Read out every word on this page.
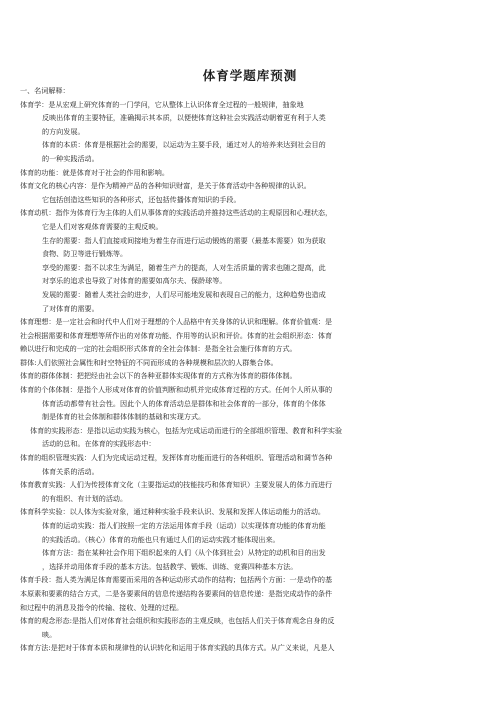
体育学题库预测

一、名词解释：

体育学：是从宏观上研究体育的一门学问，它从整体上认识体育全过程的一般规律，抽象地

反映出体育的主要特征，准确揭示其本质，以便使体育这种社会实践活动朝着更有利于人类

的方向发展。

体育的本质：体育是根据社会的需要，以运动为主要手段，通过对人的培养来达到社会目的

的一种实践活动。

体育的功能：就是体育对于社会的作用和影响。

体育文化的核心内容：是作为精神产品的各种知识财富，是关于体育活动中各种规律的认识。

它包括创造这些知识的各种形式，还包括传播体育知识的手段。

体育动机：指作为体育行为主体的人们从事体育的实践活动并推持这些活动的主观原因和心理状态，

它是人们对客观体育需要的主观反映。

生存的需要：指人们直接或间接地为着生存而进行运动锻炼的需要（最基本需要）如为获取

食物、防卫等进行锻炼等。

享受的需要：指不以求生为满足，随着生产力的提高，人对生活质量的需求也随之提高，此

对享乐的追求也导致了对体育的需要如高尔夫、保龄球等。

发展的需要：随着人类社会的进步，人们尽可能地发展和表现自己的能力，这种趋势也造成

了对体育的需要。

体育理想：是一定社会和时代中人们对于理想的个人品格中有关身体的认识和理解。体育价值观：是

社会根据需要和体育理想等所作出的对体育功能、作用等的认识和评价。体育的社会组织形态：体育

赖以进行和完成的一定的社会组织形式体育的全社会体制：是指全社会施行体育的方式。

群体:人们依照社会属性和时空特征的不同而形成的各种规模和层次的人群集合体。

体育的群体体制：把把经由社会以下的各种亚群体实现体育的方式称为体育的群体体制。

体育的个体体制：是指个人形成对体育的价值判断和动机并完成体育过程的方式。任何个人所从事的

体育活动都带有社会性。因此个人的体育活动总是群体和社会体育的一部分，体育的个体体

制是体育的社会体制和群体体制的基础和实现方式。

体育的实践形态：是指以运动实践为核心，包括为完成运动而进行的全部组织管理、教育和科学实验

活动的总和。在体育的实践形态中：

体育的组织管理实践：人们为完成运动过程，发挥体育功能而进行的各种组织、管理活动和调节各种

体育关系的活动。

体育教育实践：人们为传授体育文化（主要指运动的技能技巧和体育知识）主要发展人的体力而进行

的有组织、有计划的活动。

体育科学实验：以人体为实验对象，通过种种实验手段来认识、发展和发挥人体运动能力的活动。

体育的运动实践：指人们按照一定的方法运用体育手段（运动）以实现体育功能的体育功能

的实践活动。（核心）体育的功能也只有通过人们的运动实践才能体现出来。

体育方法：指在某种社会作用下组织起来的人们（从个体到社会）从特定的动机和目的出发

，选择并动用体育手段的基本方法。包括教学、锻炼、训练、竞赛四种基本方法。

体育手段：指人类为满足体育需要而采用的各种运动形式动作的结构；包括两个方面：一是动作的基

本原素和要素的结合方式，二是各要素间的信息传递结构各要素间的信息传递：是指完成动作的条件

和过程中的消息及指令的传输、接收、处理的过程。

体育的观念形态:是指人们对体育社会组织和实践形态的主观反映，也包括人们关于体育观念自身的反

映。

体育方法:是把对于体育本质和规律性的认识转化和运用于体育实践的具体方式。从广义来说，凡是人
